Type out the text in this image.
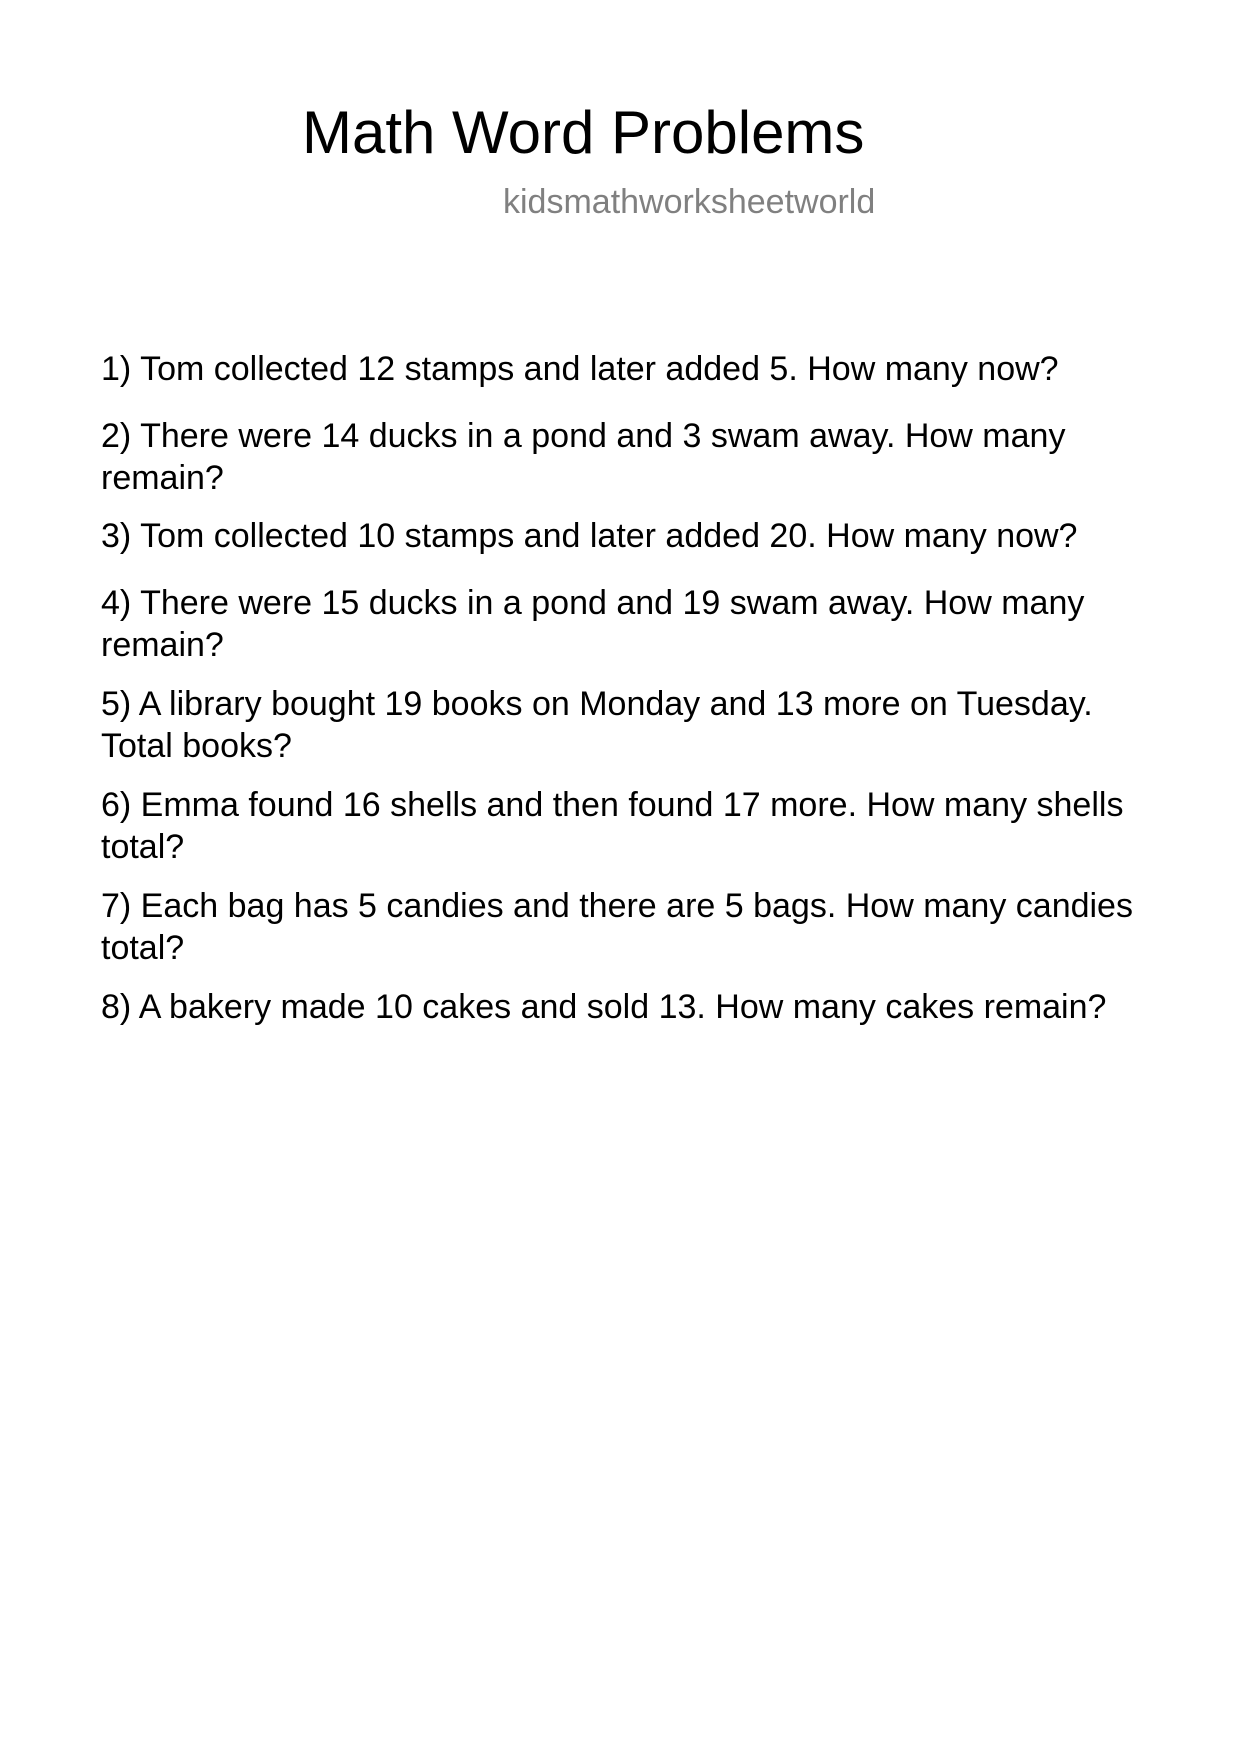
Math Word Problems
kidsmathworksheetworld
1) Tom collected 12 stamps and later added 5. How many now?
2) There were 14 ducks in a pond and 3 swam away. How many remain?
3) Tom collected 10 stamps and later added 20. How many now?
4) There were 15 ducks in a pond and 19 swam away. How many remain?
5) A library bought 19 books on Monday and 13 more on Tuesday. Total books?
6) Emma found 16 shells and then found 17 more. How many shells total?
7) Each bag has 5 candies and there are 5 bags. How many candies total?
8) A bakery made 10 cakes and sold 13. How many cakes remain?
